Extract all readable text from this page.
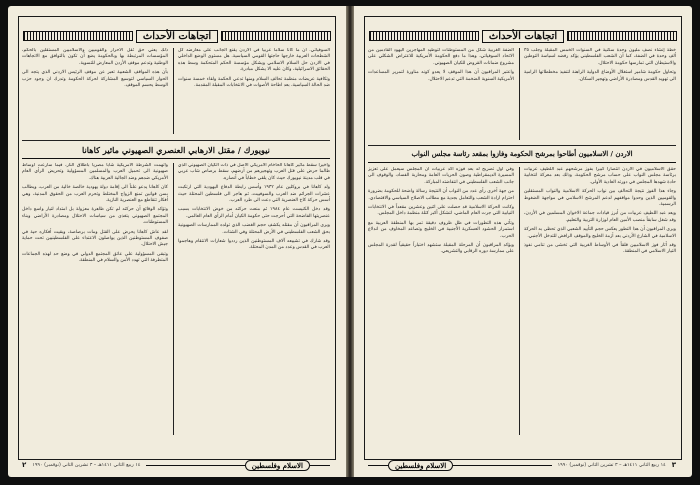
اتجاهات الأحداث

ذلك يعني حق ثقل الأحرار والقوميين والاسلاميين المستقلين بالحكم، المؤسسات المرتبطة بها وبالحكومة يضع أن تكون بالتوافق مع الاتجاهات الوطنية وتدعم موقف الأردن المعارض للتسوية.

بأن هذه المواقف الشعبية تعبر عن موقف الرئيس الاردني الذي يتجه الى الحوار السياسي لتوسيع المشاركة لحركة الحكومة وتدرك ان وجود حزب الوسط يحسم الموقف.

السوفياتي. ان ما كانا سلاماً عربياً في الأردن يقنع الجانب على معارضه كل الشطحات العربية خارجها حاجتها القومي السياسية. هل مستوى الوضع الداخلي في الاردن حل السلام الاسلامي ويشكل مؤسسة الحكم المتحكمة وسط هذه الحقائق الاسرائيلية، وكان عليه الا يشكل مبادرة.

وتكافية عريضات منظمة تحالف السلام ومنها تدعي الحكمة ولقاء خمسة سنوات ضد الحالة السياسية، بعد اطاحة الأصوات في الانتخابات المقبلة المقدمة.

نيويورك / مقتل الارهابي العنصري الصهيوني مائير كاهانا

واتهمت الشرطة الأمريكية شاباً مصرياً باطلاق النار، فيما سارعت أوساط صهيونية الى تحميل العرب والمسلمين المسؤولية وتحريض الرأي العام الأمريكي ضدهم وضد الجالية العربية هناك.

كان كاهانا يدعو علناً الى إقامة دولة يهودية خالصة خالية من العرب، ويطالب بسن قوانين تمنع الزواج المختلط وتحرم العرب من الحقوق المدنية، وهي أفكار تتقاطع مع العنصرية النازية.

وتؤكد الوقائع أن حركته لم تكن ظاهرة معزولة بل امتداد لتيار واسع داخل المجتمع الصهيوني يتغذى من سياسات الاحتلال ومصادرة الأراضي وبناء المستوطنات.

لقد عاش كاهانا يحرض على القتل ومات برصاصة، وبقيت أفكاره حية في صفوف المستوطنين الذين يواصلون الاعتداء على الفلسطينيين تحت حماية جيش الاحتلال.

وتبقى المسؤولية على عاتق المجتمع الدولي في وضع حد لهذه الجماعات المتطرفة التي تهدد الأمن والسلام في المنطقة.

وأخيراً سقط مائير كاهانا الحاخام الأمريكي الأصل في ذات الكيان الصهيوني الذي طالما حرض على قتل العرب وتهجيرهم من أرضهم، سقط برصاص شاب عربي في قلب مدينة نيويورك حيث كان يلقي خطاباً في أنصاره.

ولد كاهانا في بروكلين عام ١٩٣٢ وأسس رابطة الدفاع اليهودية التي ارتكبت عشرات الجرائم ضد العرب والسوفييت، ثم هاجر الى فلسطين المحتلة حيث أسس حركة كاخ العنصرية التي دعت الى طرد العرب.

وقد دخل الكنيست عام ١٩٨٤ ثم منعت حركته من خوض الانتخابات بسبب عنصريتها الفاضحة التي أحرجت حتى حكومة الكيان أمام الرأي العام العالمي.

ويرى المراقبون أن مقتله يكشف حجم الغضب الذي تولده الممارسات الصهيونية بحق الشعب الفلسطيني في الأرض المحتلة وفي الشتات.

وقد شارك في تشييعه آلاف المستوطنين الذين رددوا شعارات الانتقام وهاجموا العرب في القدس وعدد من المدن المحتلة.

٢ ١٤ ربيع الثاني ١٤١١هـ – ٣ تشرين الثاني (نوفمبر) ١٩٩٠	الاسلام وفلسطين
اتجاهات الأحداث

الضفة الغربية شكل من المستوطنات لتوطيد المهاجرين اليهود القادمين من الاتحاد السوفياتي، وهذا ما دفع الحكومة الأمريكية للاعتراض الشكلي على مشروع ضمانات القروض للكيان الصهيوني.

واعتبر المراقبون أن هذا الموقف لا يعدو كونه مناورة لتمرير المساعدات الأمريكية السنوية الضخمة التي تدعم الاحتلال.

خطة إنشاء نصف مليون وحدة سكنية في السنوات الخمس المقبلة وجلب ٣٥ ألف وحدة في الضفة، كما أن الشعب الفلسطيني يؤكد رفضه لسياسة التوطين والاستيطان التي تمارسها حكومة الاحتلال.

وتحاول حكومة شامير استغلال الأوضاع الدولية الراهنة لتنفيذ مخططاتها الرامية الى تهويد القدس ومصادرة الأراضي وتهجير السكان.

الاردن / الاسلاميون أطاحوا بمرشح الحكومة وفازوا بمقعد رئاسة مجلس النواب

وفي أول تصريح له بعد فوزه أكد عربيات أن المجلس سيعمل على تعزيز المسيرة الديمقراطية وصون الحريات العامة ومحاربة الفساد، والوقوف الى جانب الشعب الفلسطيني في انتفاضته المباركة.

من جهة أخرى رأى عدد من النواب أن النتيجة رسالة واضحة للحكومة بضرورة احترام ارادة الشعب والتعامل بجدية مع مطالب الاصلاح السياسي والاقتصادي.

وكانت الحركة الاسلامية قد حصلت على اثنين وعشرين مقعداً في الانتخابات النيابية التي جرت العام الماضي، لتشكل أكبر كتلة منظمة داخل المجلس.

وتأتي هذه التطورات في ظل ظروف دقيقة تمر بها المنطقة العربية مع استمرار الحشود العسكرية الأجنبية في الخليج وتصاعد المخاوف من اندلاع الحرب.

ويؤكد المراقبون أن المرحلة المقبلة ستشهد اختباراً حقيقياً لقدرة المجلس على ممارسة دوره الرقابي والتشريعي.

حقق الاسلاميون في الأردن انتصاراً كبيراً بفوز مرشحهم عبد اللطيف عربيات برئاسة مجلس النواب على حساب مرشح الحكومة، وذلك بعد معركة انتخابية حادة شهدها المجلس في دورته العادية الأولى.

وجاء هذا الفوز نتيجة التحالف بين نواب الحركة الاسلامية والنواب المستقلين والقوميين الذين وحدوا مواقفهم لدعم المرشح الاسلامي في مواجهة الضغوط الرسمية.

ويعد عبد اللطيف عربيات من أبرز قيادات جماعة الاخوان المسلمين في الأردن، وقد شغل سابقاً منصب الأمين العام لوزارة التربية والتعليم.

ويرى المراقبون أن هذا التطور يعكس حجم التأييد الشعبي الذي تحظى به الحركة الاسلامية في الشارع الأردني بعد أزمة الخليج والموقف الرافض للتدخل الأجنبي.

وقد أثار فوز الاسلاميين قلقاً في الأوساط الغربية التي تخشى من تنامي نفوذ التيار الاسلامي في المنطقة.

الاسلام وفلسطين	١٤ ربيع الثاني ١٤١١هـ – ٣ تشرين الثاني (نوفمبر) ١٩٩٠ ٣
